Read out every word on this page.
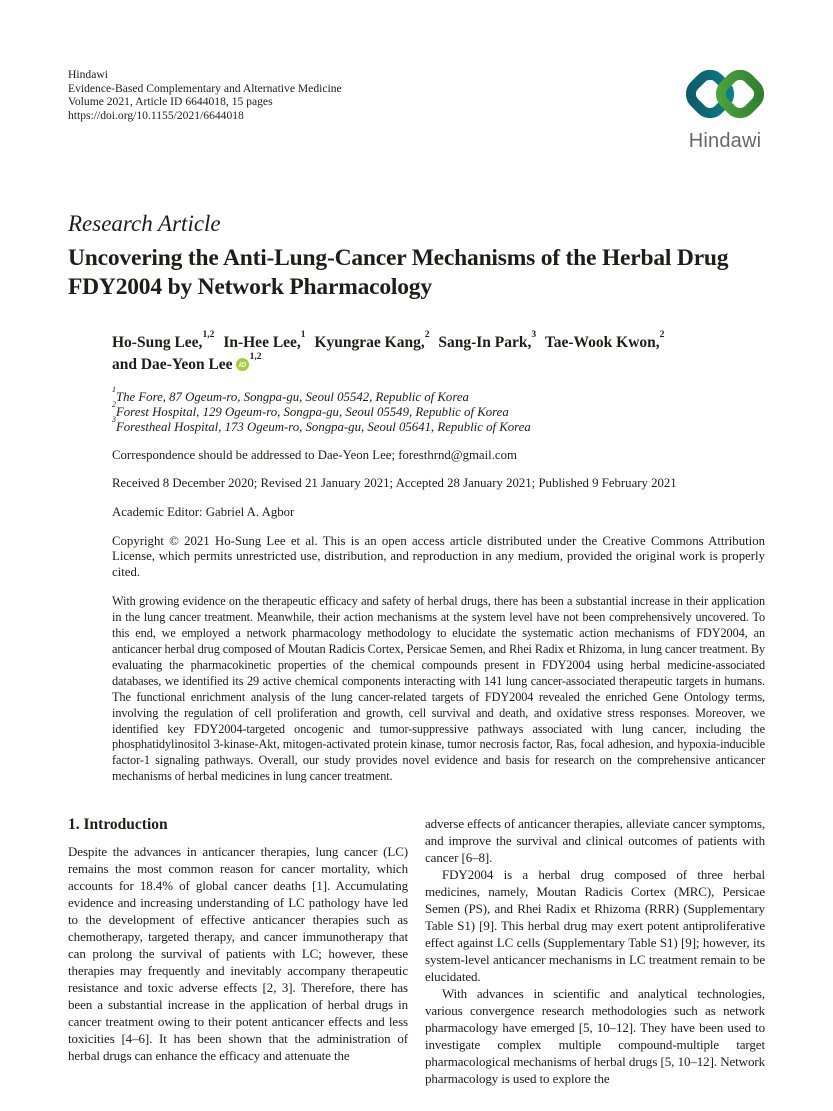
Hindawi
Evidence-Based Complementary and Alternative Medicine
Volume 2021, Article ID 6644018, 15 pages
https://doi.org/10.1155/2021/6644018
Hindawi
Research Article
Uncovering the Anti-Lung-Cancer Mechanisms of the Herbal Drug FDY2004 by Network Pharmacology
Ho-Sung Lee,$^{1,2}$ In-Hee Lee,$^1$ Kyungrae Kang,$^2$ Sang-In Park,$^3$ Tae-Wook Kwon,$^2$ and Dae-Yeon Lee iD
$^{1,2}$
$^1$The Fore, 87 Ogeum-ro, Songpa-gu, Seoul 05542, Republic of Korea
$^2$Forest Hospital, 129 Ogeum-ro, Songpa-gu, Seoul 05549, Republic of Korea
$^3$Forestheal Hospital, 173 Ogeum-ro, Songpa-gu, Seoul 05641, Republic of Korea

Correspondence should be addressed to Dae-Yeon Lee; foresthrnd@gmail.com

Received 8 December 2020; Revised 21 January 2021; Accepted 28 January 2021; Published 9 February 2021

Academic Editor: Gabriel A. Agbor

Copyright © 2021 Ho-Sung Lee et al. This is an open access article distributed under the Creative Commons Attribution License, which permits unrestricted use, distribution, and reproduction in any medium, provided the original work is properly cited.

With growing evidence on the therapeutic efficacy and safety of herbal drugs, there has been a substantial increase in their application in the lung cancer treatment. Meanwhile, their action mechanisms at the system level have not been comprehensively uncovered. To this end, we employed a network pharmacology methodology to elucidate the systematic action mechanisms of FDY2004, an anticancer herbal drug composed of Moutan Radicis Cortex, Persicae Semen, and Rhei Radix et Rhizoma, in lung cancer treatment. By evaluating the pharmacokinetic properties of the chemical compounds present in FDY2004 using herbal medicine-associated databases, we identified its 29 active chemical components interacting with 141 lung cancer-associated therapeutic targets in humans. The functional enrichment analysis of the lung cancer-related targets of FDY2004 revealed the enriched Gene Ontology terms, involving the regulation of cell proliferation and growth, cell survival and death, and oxidative stress responses. Moreover, we identified key FDY2004-targeted oncogenic and tumor-suppressive pathways associated with lung cancer, including the phosphatidylinositol 3-kinase-Akt, mitogen-activated protein kinase, tumor necrosis factor, Ras, focal adhesion, and hypoxia-inducible factor-1 signaling pathways. Overall, our study provides novel evidence and basis for research on the comprehensive anticancer mechanisms of herbal medicines in lung cancer treatment.

1. Introduction

Despite the advances in anticancer therapies, lung cancer (LC) remains the most common reason for cancer mortality, which accounts for 18.4% of global cancer deaths [1]. Accumulating evidence and increasing understanding of LC pathology have led to the development of effective anticancer therapies such as chemotherapy, targeted therapy, and cancer immunotherapy that can prolong the survival of patients with LC; however, these therapies may frequently and inevitably accompany therapeutic resistance and toxic adverse effects [2, 3]. Therefore, there has been a substantial increase in the application of herbal drugs in cancer treatment owing to their potent anticancer effects and less toxicities [4–6]. It has been shown that the administration of herbal drugs can enhance the efficacy and attenuate the

adverse effects of anticancer therapies, alleviate cancer symptoms, and improve the survival and clinical outcomes of patients with cancer [6–8].

FDY2004 is a herbal drug composed of three herbal medicines, namely, Moutan Radicis Cortex (MRC), Persicae Semen (PS), and Rhei Radix et Rhizoma (RRR) (Supplementary Table S1) [9]. This herbal drug may exert potent antiproliferative effect against LC cells (Supplementary Table S1) [9]; however, its system-level anticancer mechanisms in LC treatment remain to be elucidated.

With advances in scientific and analytical technologies, various convergence research methodologies such as network pharmacology have emerged [5, 10–12]. They have been used to investigate complex multiple compound-multiple target pharmacological mechanisms of herbal drugs [5, 10–12]. Network pharmacology is used to explore the
